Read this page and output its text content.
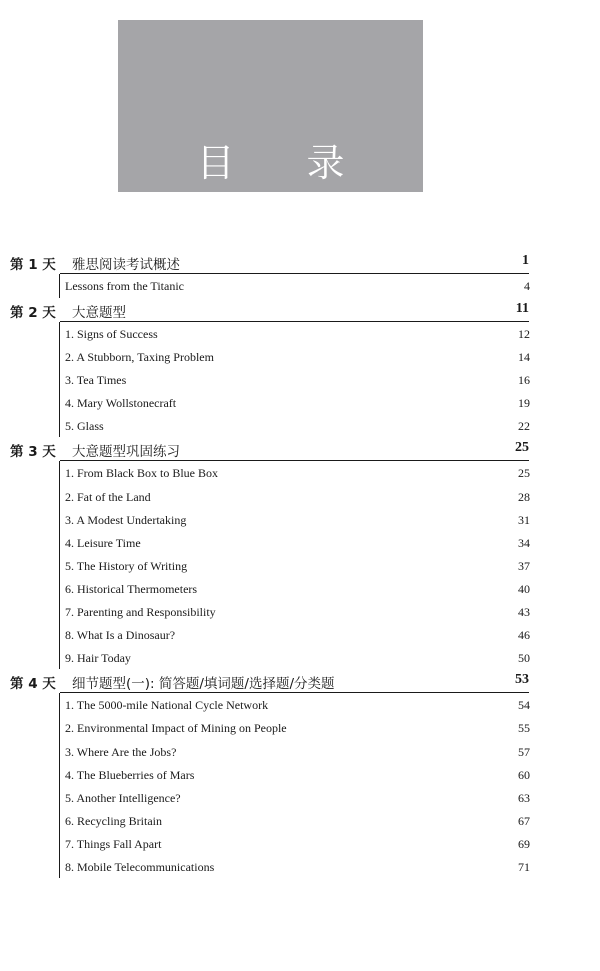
目 录
第 1 天	雅思阅读考试概述	1
Lessons from the Titanic	4
第 2 天	大意题型	11
1. Signs of Success	12
2. A Stubborn, Taxing Problem	14
3. Tea Times	16
4. Mary Wollstonecraft	19
5. Glass	22
第 3 天	大意题型巩固练习	25
1. From Black Box to Blue Box	25
2. Fat of the Land	28
3. A Modest Undertaking	31
4. Leisure Time	34
5. The History of Writing	37
6. Historical Thermometers	40
7. Parenting and Responsibility	43
8. What Is a Dinosaur?	46
9. Hair Today	50
第 4 天	细节题型(一): 简答题/填词题/选择题/分类题	53
1. The 5000-mile National Cycle Network	54
2. Environmental Impact of Mining on People	55
3. Where Are the Jobs?	57
4. The Blueberries of Mars	60
5. Another Intelligence?	63
6. Recycling Britain	67
7. Things Fall Apart	69
8. Mobile Telecommunications	71
